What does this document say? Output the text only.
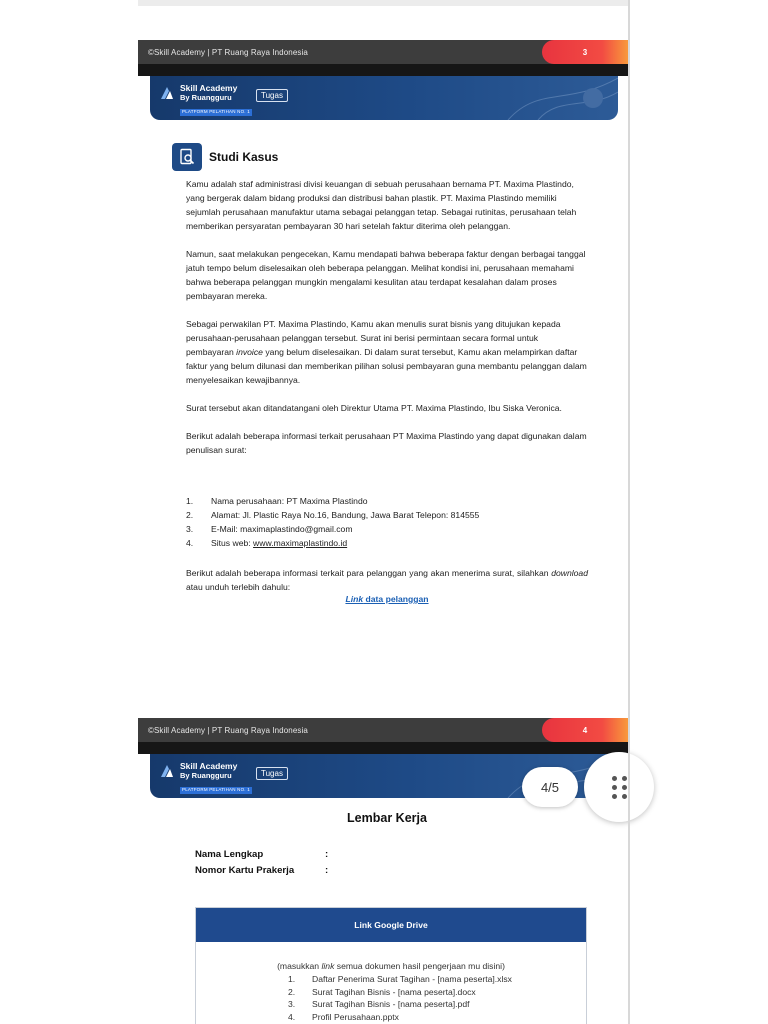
©Skill Academy | PT Ruang Raya Indonesia	3
Skill Academy
By Ruangguru
PLATFORM PELATIHAN NO. 1
Tugas
Studi Kasus

Kamu adalah staf administrasi divisi keuangan di sebuah perusahaan bernama PT. Maxima Plastindo, yang bergerak dalam bidang produksi dan distribusi bahan plastik. PT. Maxima Plastindo memiliki sejumlah perusahaan manufaktur utama sebagai pelanggan tetap. Sebagai rutinitas, perusahaan telah memberikan persyaratan pembayaran 30 hari setelah faktur diterima oleh pelanggan.

Namun, saat melakukan pengecekan, Kamu mendapati bahwa beberapa faktur dengan berbagai tanggal jatuh tempo belum diselesaikan oleh beberapa pelanggan. Melihat kondisi ini, perusahaan memahami bahwa beberapa pelanggan mungkin mengalami kesulitan atau terdapat kesalahan dalam proses pembayaran mereka.

Sebagai perwakilan PT. Maxima Plastindo, Kamu akan menulis surat bisnis yang ditujukan kepada perusahaan-perusahaan pelanggan tersebut. Surat ini berisi permintaan secara formal untuk pembayaran invoice yang belum diselesaikan. Di dalam surat tersebut, Kamu akan melampirkan daftar faktur yang belum dilunasi dan memberikan pilihan solusi pembayaran guna membantu pelanggan dalam menyelesaikan kewajibannya.

Surat tersebut akan ditandatangani oleh Direktur Utama PT. Maxima Plastindo, Ibu Siska Veronica.

Berikut adalah beberapa informasi terkait perusahaan PT Maxima Plastindo yang dapat digunakan dalam penulisan surat:

1.	Nama perusahaan: PT Maxima Plastindo
2.	Alamat: Jl. Plastic Raya No.16, Bandung, Jawa Barat Telepon: 814555
3.	E-Mail: maximaplastindo@gmail.com
4.	Situs web: www.maximaplastindo.id
Berikut adalah beberapa informasi terkait para pelanggan yang akan menerima surat, silahkan download atau unduh terlebih dahulu:
Link data pelanggan
©Skill Academy | PT Ruang Raya Indonesia	4
Skill Academy
By Ruangguru
PLATFORM PELATIHAN NO. 1
Tugas
Lembar Kerja
Nama Lengkap	:
Nomor Kartu Prakerja	:
Link Google Drive
(masukkan link semua dokumen hasil pengerjaan mu disini)
1.	Daftar Penerima Surat Tagihan - [nama peserta].xlsx
2.	Surat Tagihan Bisnis - [nama peserta].docx
3.	Surat Tagihan Bisnis - [nama peserta].pdf
4.	Profil Perusahaan.pptx
4/5
